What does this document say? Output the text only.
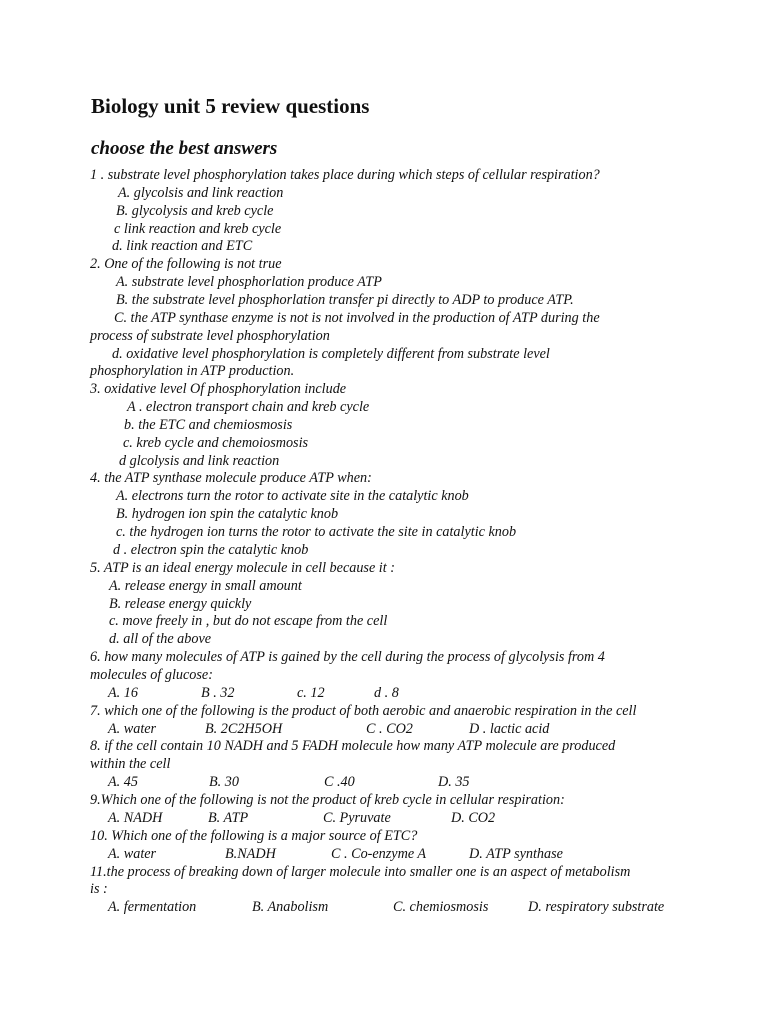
Biology unit 5 review questions
choose the best answers
1 . substrate level phosphorylation takes place during which steps of cellular respiration?
A. glycolsis and link reaction
B. glycolysis and kreb cycle
c link reaction and kreb cycle
d. link reaction and ETC
2. One of the following is not true
A. substrate level phosphorlation produce ATP
B. the substrate level phosphorlation transfer pi directly to ADP to produce ATP.
C. the ATP synthase enzyme is not is not involved in the production of ATP during the
process of substrate level phosphorylation
d. oxidative level phosphorylation is completely different from substrate level
phosphorylation in ATP production.
3. oxidative level Of phosphorylation include
A . electron transport chain and kreb cycle
b. the ETC and chemiosmosis
c. kreb cycle and chemoiosmosis
d glcolysis and link reaction
4. the ATP synthase molecule produce ATP when:
A. electrons turn the rotor to activate site in the catalytic knob
B. hydrogen ion spin the catalytic knob
c. the hydrogen ion turns the rotor to activate the site in catalytic knob
d . electron spin the catalytic knob
5. ATP is an ideal energy molecule in cell because it :
A. release energy in small amount
B. release energy quickly
c. move freely in , but do not escape from the cell
d. all of the above
6. how many molecules of ATP is gained by the cell during the process of glycolysis from 4
molecules of glucose:
A. 16	B . 32	c. 12	d . 8
7. which one of the following is the product of both aerobic and anaerobic respiration in the cell
A. water	B. 2C2H5OH	C . CO2	D . lactic acid
8. if the cell contain 10 NADH and 5 FADH molecule how many ATP molecule are produced
within the cell
A. 45	B. 30	C .40	D. 35
9.Which one of the following is not the product of kreb cycle in cellular respiration:
A. NADH	B. ATP	C. Pyruvate	D. CO2
10. Which one of the following is a major source of ETC?
A. water	B.NADH	C . Co-enzyme A	D. ATP synthase
11.the process of breaking down of larger molecule into smaller one is an aspect of metabolism
is :
A. fermentation	B. Anabolism	C. chemiosmosis	D. respiratory substrate
